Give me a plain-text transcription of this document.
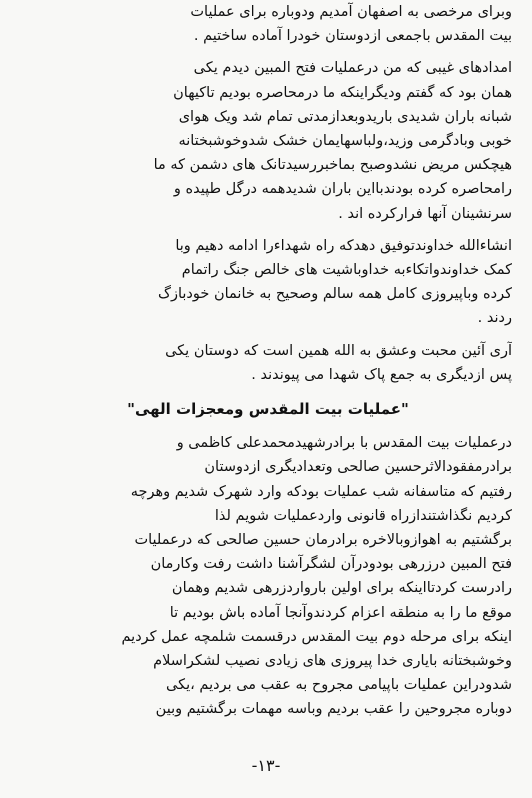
وبرای مرخصی به اصفهان آمدیم ودوباره برای عملیات

بیت المقدس باجمعی ازدوستان خودرا آماده ساختیم .

امدادهای غیبی که من درعملیات فتح المبین دیدم یکی

همان بود که گفتم ودیگراینکه ما درمحاصره بودیم تاکیهان

شبانه باران شدیدی باریدوبعدازمدتی تمام شد ویک هوای

خوبی وبادگرمی وزید،ولباسهایمان خشک شدوخوشبختانه

هیچکس مریض نشدوصبح بماخبررسیدتانک های دشمن که ما

رامحاصره کرده بودندبااین باران شدیدهمه درگل طپیده و

سرنشینان آنها فرارکرده اند .

انشاءالله خداوندتوفیق دهدکه راه شهداءرا ادامه دهیم وبا

کمک خداوندواتکاءبه خداوباشیت های خالص جنگ راتمام

کرده وباپیروزی کامل همه سالم وصحیح به خانمان خودبازگ

ردند .

آری آئین محبت وعشق به الله همین است که دوستان یکی

پس ازدیگری به جمع پاک شهدا می پیوندند .

"عملیات بیت المقدس ومعجزات الهی"

درعملیات بیت المقدس با برادرشهیدمحمدعلی کاظمی و

برادرمفقودالاثرحسین صالحی وتعدادیگری ازدوستان

رفتیم که متاسفانه شب عملیات بودکه وارد شهرک شدیم وهرچه

کردیم نگذاشتندازراه قانونی واردعملیات شویم لذا

برگشتیم به اهوازوبالاخره برادرمان حسین صالحی که درعملیات

فتح المبین درزرهی بودودرآن لشگرآشنا داشت رفت وکارمان

رادرست کردتااینکه برای اولین بارواردزرهی شدیم وهمان

موقع ما را به منطقه اعزام کردندوآنجا آماده باش بودیم تا

اینکه برای مرحله دوم بیت المقدس درقسمت شلمچه عمل کردیم

وخوشبختانه بایاری خدا پیروزی های زیادی نصیب لشکراسلام

شدودراین عملیات باپیامی مجروح به عقب می بردیم ،یکی

دوباره مجروحین را عقب بردیم وباسه مهمات برگشتیم وبین

-١٣-
